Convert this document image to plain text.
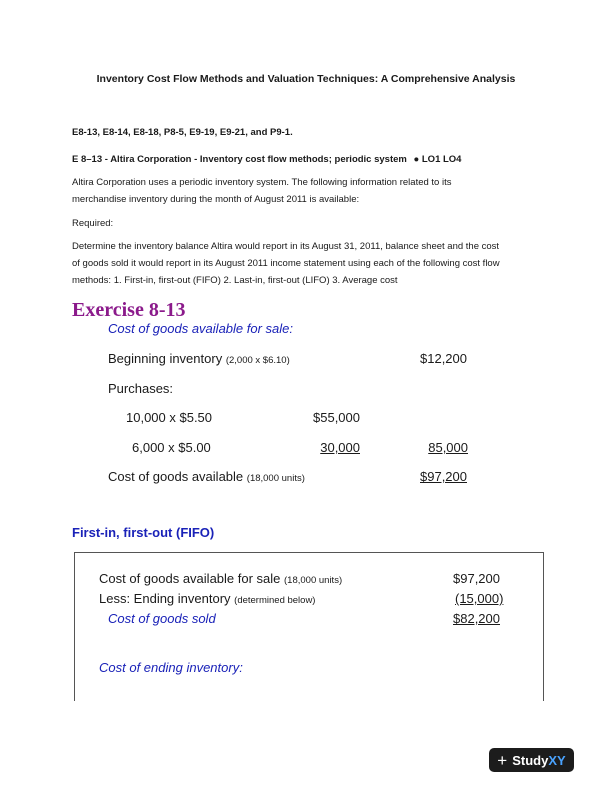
Inventory Cost Flow Methods and Valuation Techniques: A Comprehensive Analysis
E8-13, E8-14, E8-18, P8-5, E9-19, E9-21, and P9-1.
E 8–13 - Altira Corporation - Inventory cost flow methods; periodic system ● LO1 LO4
Altira Corporation uses a periodic inventory system. The following information related to its
merchandise inventory during the month of August 2011 is available:
Required:
Determine the inventory balance Altira would report in its August 31, 2011, balance sheet and the cost
of goods sold it would report in its August 2011 income statement using each of the following cost flow
methods: 1. First-in, first-out (FIFO) 2. Last-in, first-out (LIFO) 3. Average cost
Exercise 8-13
Cost of goods available for sale:
Beginning inventory (2,000 x $6.10)	$12,200
Purchases:
10,000 x $5.50	$55,000
6,000 x $5.00	30,000	85,000
Cost of goods available (18,000 units)	$97,200
First-in, first-out (FIFO)
Cost of goods available for sale (18,000 units)	$97,200
Less: Ending inventory (determined below)	(15,000)
Cost of goods sold	$82,200
Cost of ending inventory:
+ Study XY
